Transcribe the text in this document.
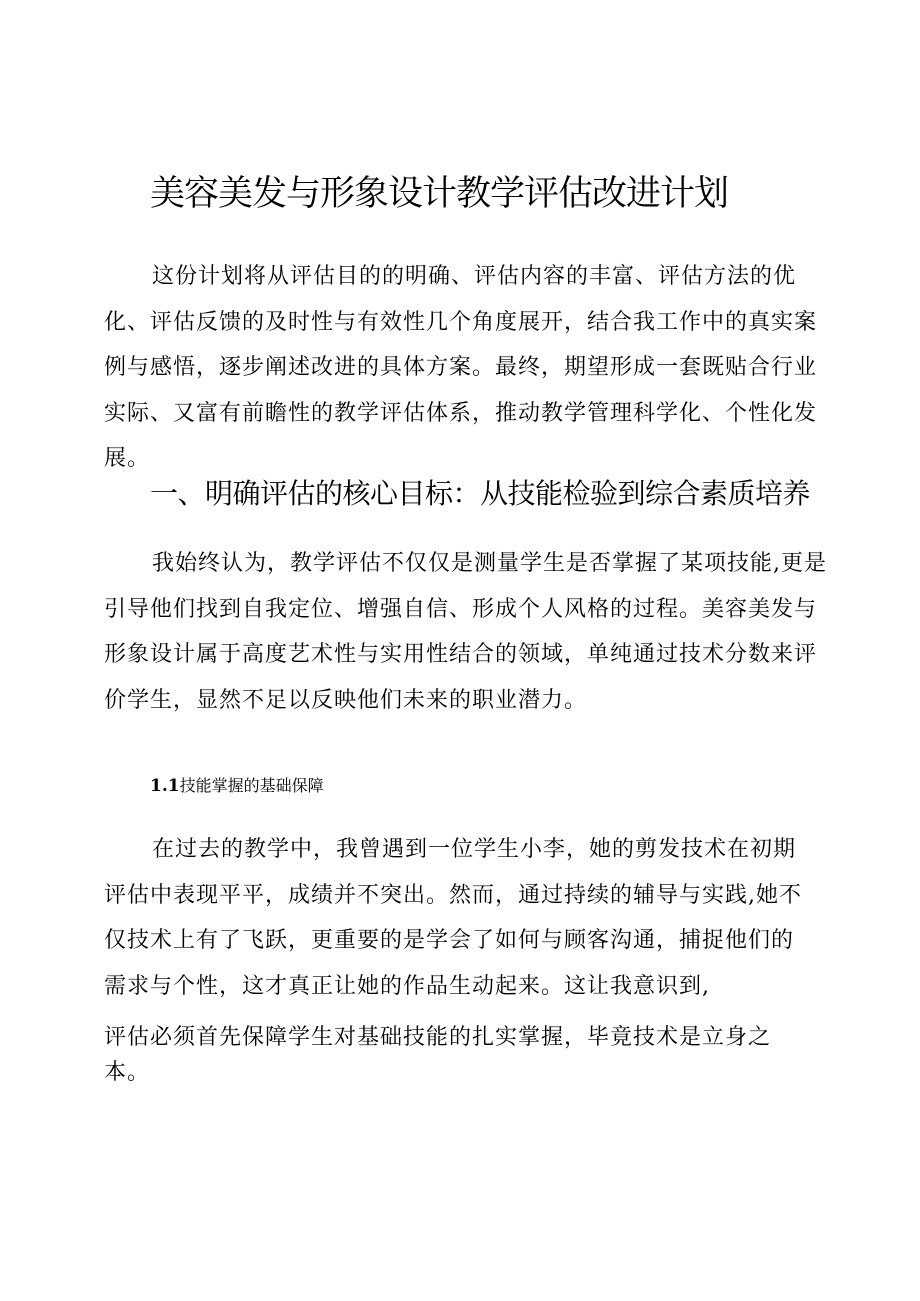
美容美发与形象设计教学评估改进计划

这份计划将从评估目的的明确、评估内容的丰富、评估方法的优化、评估反馈的及时性与有效性几个角度展开，结合我工作中的真实案例与感悟，逐步阐述改进的具体方案。最终，期望形成一套既贴合行业实际、又富有前瞻性的教学评估体系，推动教学管理科学化、个性化发展。

一、明确评估的核心目标：从技能检验到综合素质培养

我始终认为，教学评估不仅仅是测量学生是否掌握了某项技能,更是引导他们找到自我定位、增强自信、形成个人风格的过程。美容美发与形象设计属于高度艺术性与实用性结合的领域，单纯通过技术分数来评价学生，显然不足以反映他们未来的职业潜力。

1.1技能掌握的基础保障

在过去的教学中，我曾遇到一位学生小李，她的剪发技术在初期评估中表现平平，成绩并不突出。然而，通过持续的辅导与实践,她不仅技术上有了飞跃，更重要的是学会了如何与顾客沟通，捕捉他们的需求与个性，这才真正让她的作品生动起来。这让我意识到,

评估必须首先保障学生对基础技能的扎实掌握，毕竟技术是立身之本。
